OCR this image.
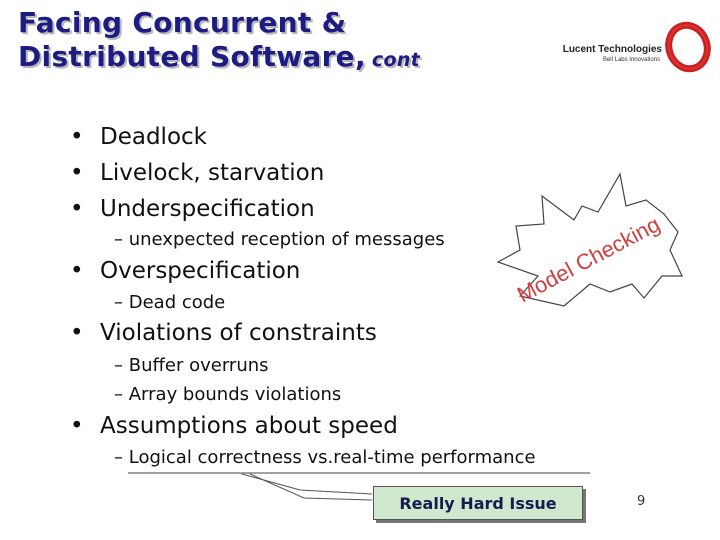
Facing Concurrent &
Distributed Software, cont	Lucent Technologies
Bell Labs Innovations
• Deadlock
• Livelock, starvation
• Underspecification
– unexpected reception of messages
• Overspecification
– Dead code
• Violations of constraints
– Buffer overruns
– Array bounds violations
• Assumptions about speed
– Logical correctness vs.real-time performance
Model Checking
Really Hard Issue	9
